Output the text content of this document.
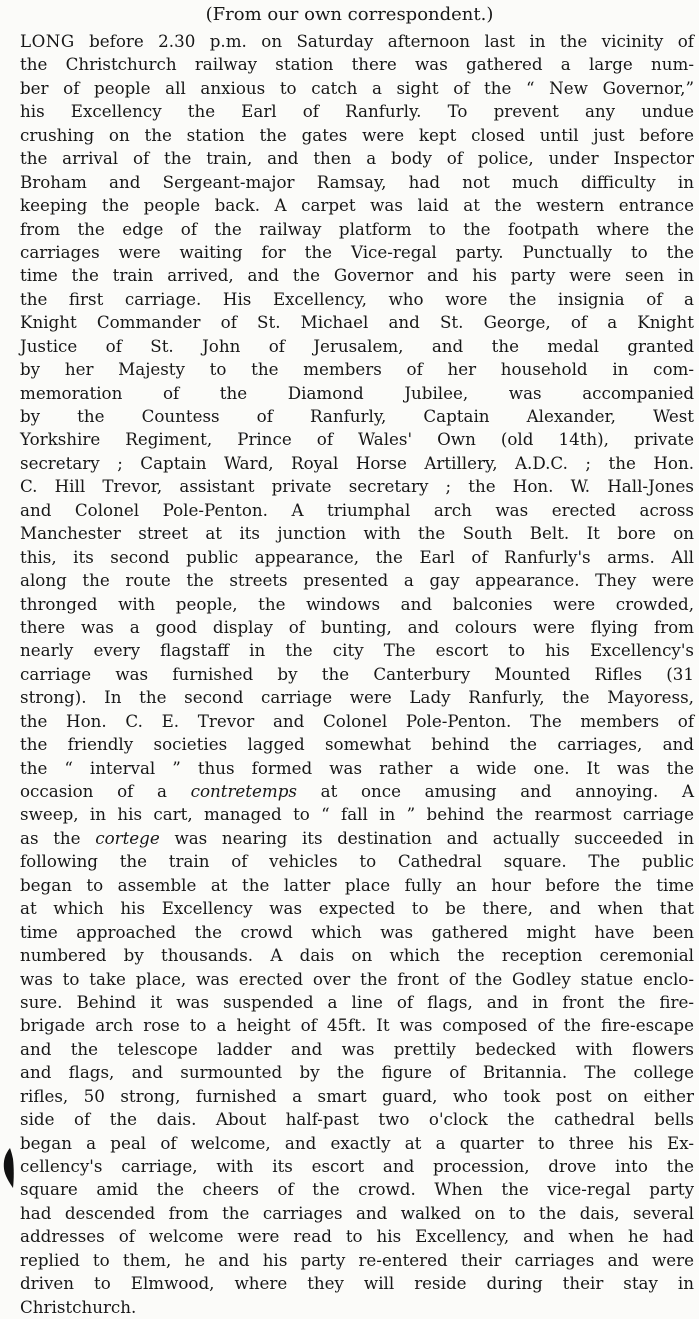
(From our own correspondent.)
LONG before 2.30 p.m. on Saturday afternoon last in the vicinity of
the Christchurch railway station there was gathered a large num-
ber of people all anxious to catch a sight of the “ New Governor,”
his Excellency the Earl of Ranfurly. To prevent any undue
crushing on the station the gates were kept closed until just before
the arrival of the train, and then a body of police, under Inspector
Broham and Sergeant-major Ramsay, had not much difficulty in
keeping the people back. A carpet was laid at the western entrance
from the edge of the railway platform to the footpath where the
carriages were waiting for the Vice-regal party. Punctually to the
time the train arrived, and the Governor and his party were seen in
the first carriage. His Excellency, who wore the insignia of a
Knight Commander of St. Michael and St. George, of a Knight
Justice of St. John of Jerusalem, and the medal granted
by her Majesty to the members of her household in com-
memoration of the Diamond Jubilee, was accompanied
by the Countess of Ranfurly, Captain Alexander, West
Yorkshire Regiment, Prince of Wales' Own (old 14th), private
secretary ; Captain Ward, Royal Horse Artillery, A.D.C. ; the Hon.
C. Hill Trevor, assistant private secretary ; the Hon. W. Hall-Jones
and Colonel Pole-Penton. A triumphal arch was erected across
Manchester street at its junction with the South Belt. It bore on
this, its second public appearance, the Earl of Ranfurly's arms. All
along the route the streets presented a gay appearance. They were
thronged with people, the windows and balconies were crowded,
there was a good display of bunting, and colours were flying from
nearly every flagstaff in the city The escort to his Excellency's
carriage was furnished by the Canterbury Mounted Rifles (31
strong). In the second carriage were Lady Ranfurly, the Mayoress,
the Hon. C. E. Trevor and Colonel Pole-Penton. The members of
the friendly societies lagged somewhat behind the carriages, and
the “ interval ” thus formed was rather a wide one. It was the
occasion of a contretemps at once amusing and annoying. A
sweep, in his cart, managed to “ fall in ” behind the rearmost carriage
as the cortege was nearing its destination and actually succeeded in
following the train of vehicles to Cathedral square. The public
began to assemble at the latter place fully an hour before the time
at which his Excellency was expected to be there, and when that
time approached the crowd which was gathered might have been
numbered by thousands. A dais on which the reception ceremonial
was to take place, was erected over the front of the Godley statue enclo-
sure. Behind it was suspended a line of flags, and in front the fire-
brigade arch rose to a height of 45ft. It was composed of the fire-escape
and the telescope ladder and was prettily bedecked with flowers
and flags, and surmounted by the figure of Britannia. The college
rifles, 50 strong, furnished a smart guard, who took post on either
side of the dais. About half-past two o'clock the cathedral bells
began a peal of welcome, and exactly at a quarter to three his Ex-
cellency's carriage, with its escort and procession, drove into the
square amid the cheers of the crowd. When the vice-regal party
had descended from the carriages and walked on to the dais, several
addresses of welcome were read to his Excellency, and when he had
replied to them, he and his party re-entered their carriages and were
driven to Elmwood, where they will reside during their stay in
Christchurch.
